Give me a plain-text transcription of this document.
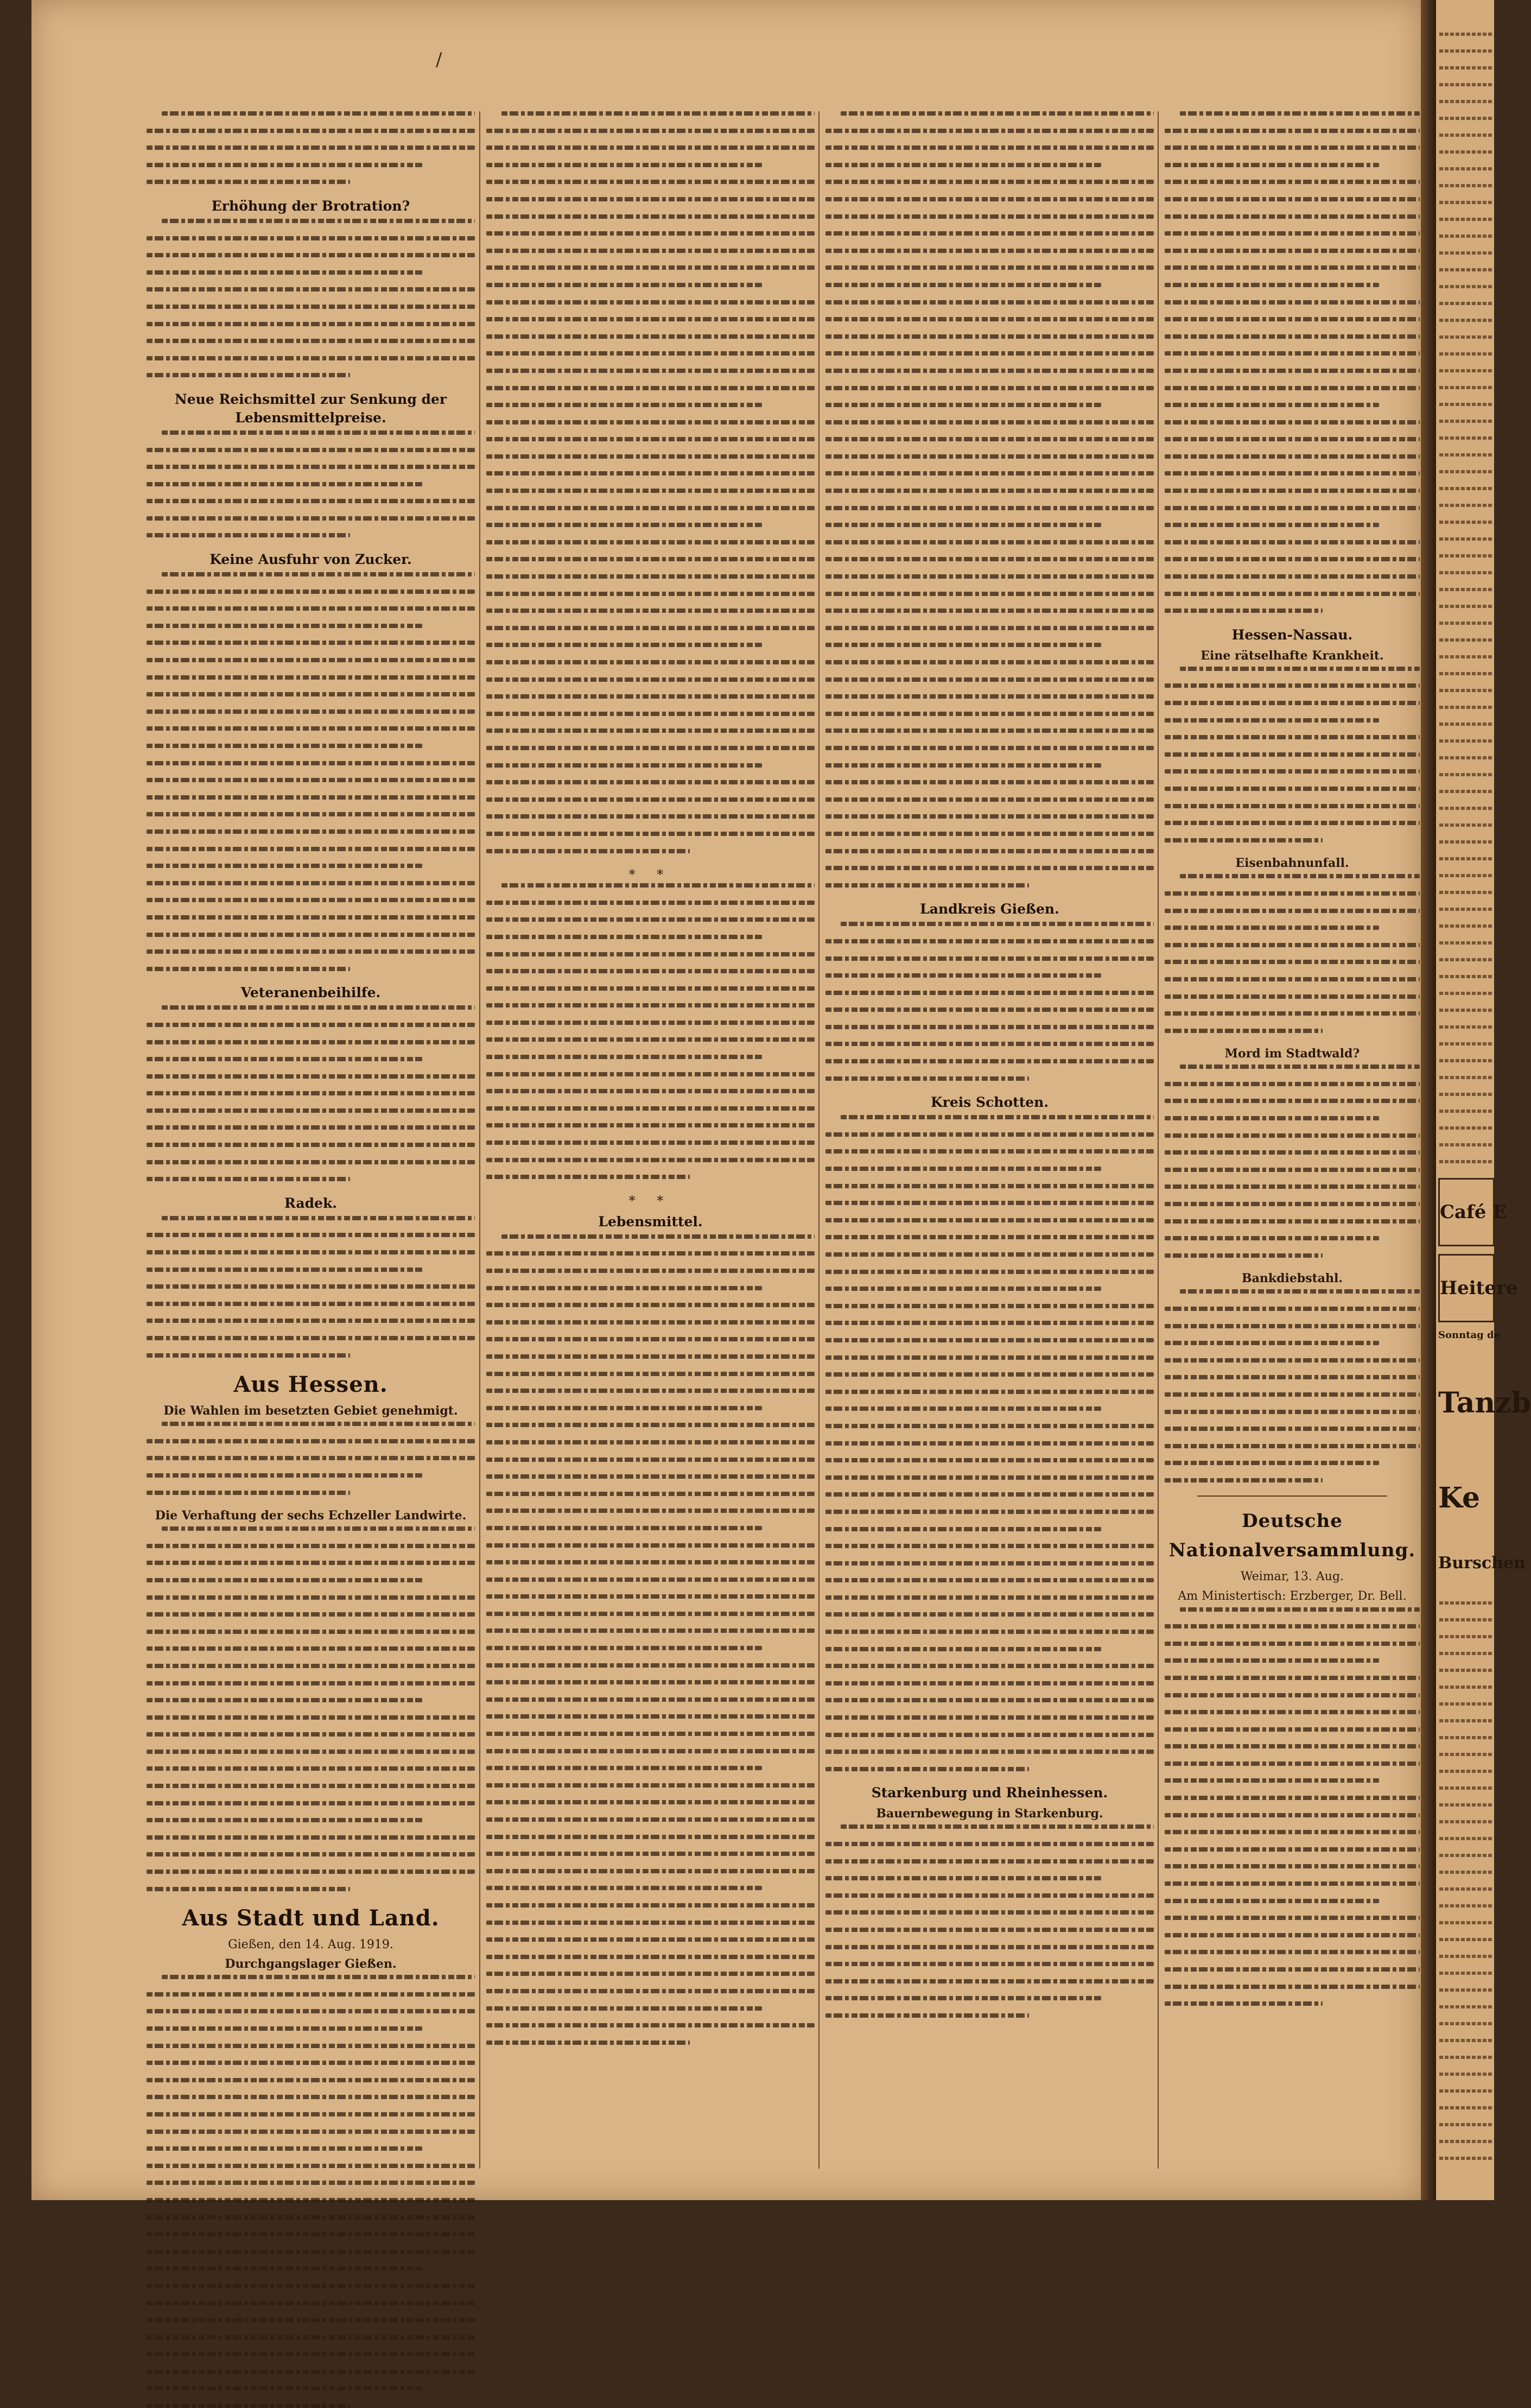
/
Erhöhung der Brotration?
Neue Reichsmittel zur Senkung der Lebensmittelpreise.
Keine Ausfuhr von Zucker.
Veteranenbeihilfe.
Radek.
Aus Hessen.
Die Wahlen im besetzten Gebiet genehmigt.
Die Verhaftung der sechs Echzeller Landwirte.
Aus Stadt und Land.
Gießen, den 14. Aug. 1919.
Durchgangslager Gießen.
* *
* *
Lebensmittel.
Landkreis Gießen.
Kreis Schotten.
Starkenburg und Rheinhessen.
Bauernbewegung in Starkenburg.
Hessen-Nassau.
Eine rätselhafte Krankheit.
Eisenbahnunfall.
Mord im Stadtwald?
Bankdiebstahl.
Deutsche Nationalversammlung.
Weimar, 13. Aug.
Am Ministertisch: Erzberger, Dr. Bell.
Café E
Heitere
Sonntag de
Tanzb
Ke
Burschen
